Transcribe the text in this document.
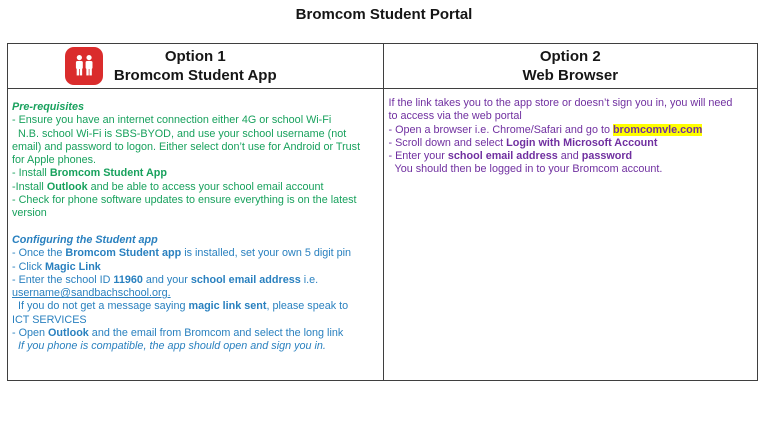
Bromcom Student Portal
Option 1
Bromcom Student App
Option 2
Web Browser
Pre-requisites
- Ensure you have an internet connection either 4G or school Wi-Fi
N.B. school Wi-Fi is SBS-BYOD, and use your school username (not
email) and password to logon. Either select don’t use for Android or Trust
for Apple phones.
- Install Bromcom Student App
-Install Outlook and be able to access your school email account
- Check for phone software updates to ensure everything is on the latest
version

Configuring the Student app
- Once the Bromcom Student app is installed, set your own 5 digit pin
- Click Magic Link
- Enter the school ID 11960 and your school email address i.e.
username@sandbachschool.org.
If you do not get a message saying magic link sent, please speak to
ICT SERVICES
- Open Outlook and the email from Bromcom and select the long link
If you phone is compatible, the app should open and sign you in.
If the link takes you to the app store or doesn’t sign you in, you will need
to access via the web portal
- Open a browser i.e. Chrome/Safari and go to bromcomvle.com
- Scroll down and select Login with Microsoft Account
- Enter your school email address and password
You should then be logged in to your Bromcom account.
